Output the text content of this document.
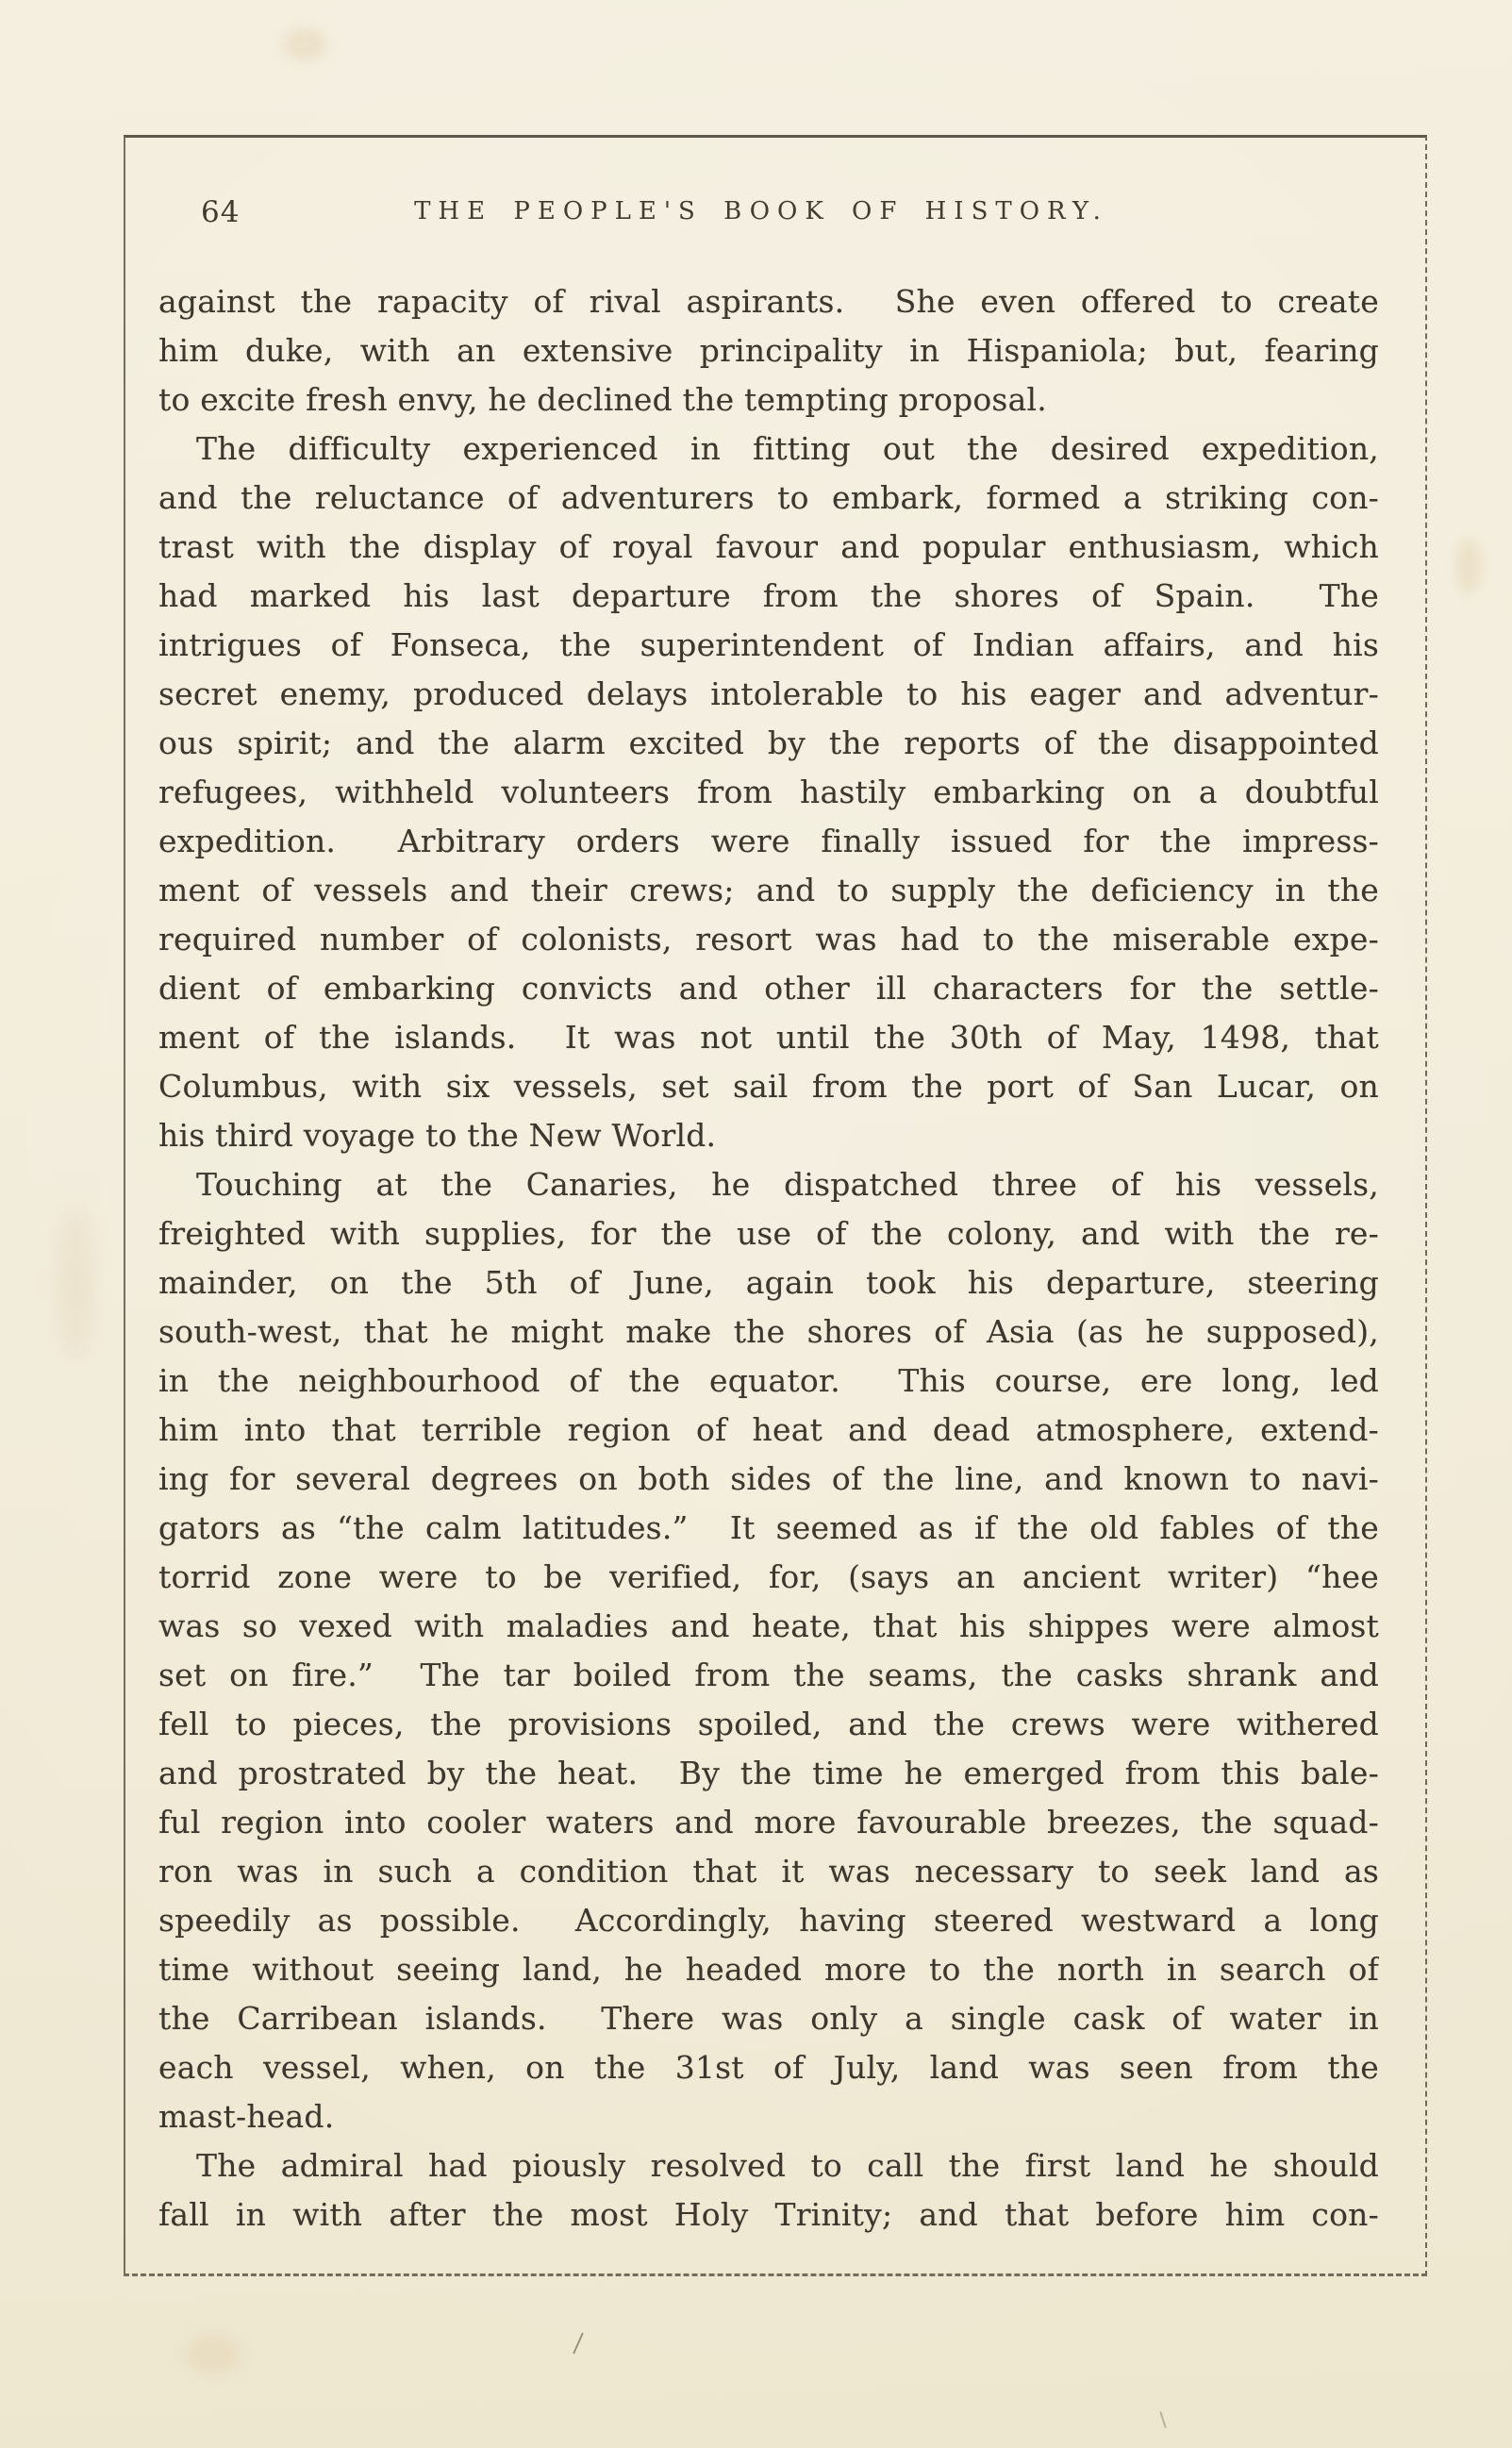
64	THE PEOPLE'S BOOK OF HISTORY.
against the rapacity of rival aspirants.  She even offered to create
him duke, with an extensive principality in Hispaniola; but, fearing
to excite fresh envy, he declined the tempting proposal.
The difficulty experienced in fitting out the desired expedition,
and the reluctance of adventurers to embark, formed a striking con-
trast with the display of royal favour and popular enthusiasm, which
had marked his last departure from the shores of Spain.  The
intrigues of Fonseca, the superintendent of Indian affairs, and his
secret enemy, produced delays intolerable to his eager and adventur-
ous spirit; and the alarm excited by the reports of the disappointed
refugees, withheld volunteers from hastily embarking on a doubtful
expedition.  Arbitrary orders were finally issued for the impress-
ment of vessels and their crews; and to supply the deficiency in the
required number of colonists, resort was had to the miserable expe-
dient of embarking convicts and other ill characters for the settle-
ment of the islands.  It was not until the 30th of May, 1498, that
Columbus, with six vessels, set sail from the port of San Lucar, on
his third voyage to the New World.
Touching at the Canaries, he dispatched three of his vessels,
freighted with supplies, for the use of the colony, and with the re-
mainder, on the 5th of June, again took his departure, steering
south-west, that he might make the shores of Asia (as he supposed),
in the neighbourhood of the equator.  This course, ere long, led
him into that terrible region of heat and dead atmosphere, extend-
ing for several degrees on both sides of the line, and known to navi-
gators as “the calm latitudes.”  It seemed as if the old fables of the
torrid zone were to be verified, for, (says an ancient writer) “hee
was so vexed with maladies and heate, that his shippes were almost
set on fire.”  The tar boiled from the seams, the casks shrank and
fell to pieces, the provisions spoiled, and the crews were withered
and prostrated by the heat.  By the time he emerged from this bale-
ful region into cooler waters and more favourable breezes, the squad-
ron was in such a condition that it was necessary to seek land as
speedily as possible.  Accordingly, having steered westward a long
time without seeing land, he headed more to the north in search of
the Carribean islands.  There was only a single cask of water in
each vessel, when, on the 31st of July, land was seen from the
mast-head.
The admiral had piously resolved to call the first land he should
fall in with after the most Holy Trinity; and that before him con-
